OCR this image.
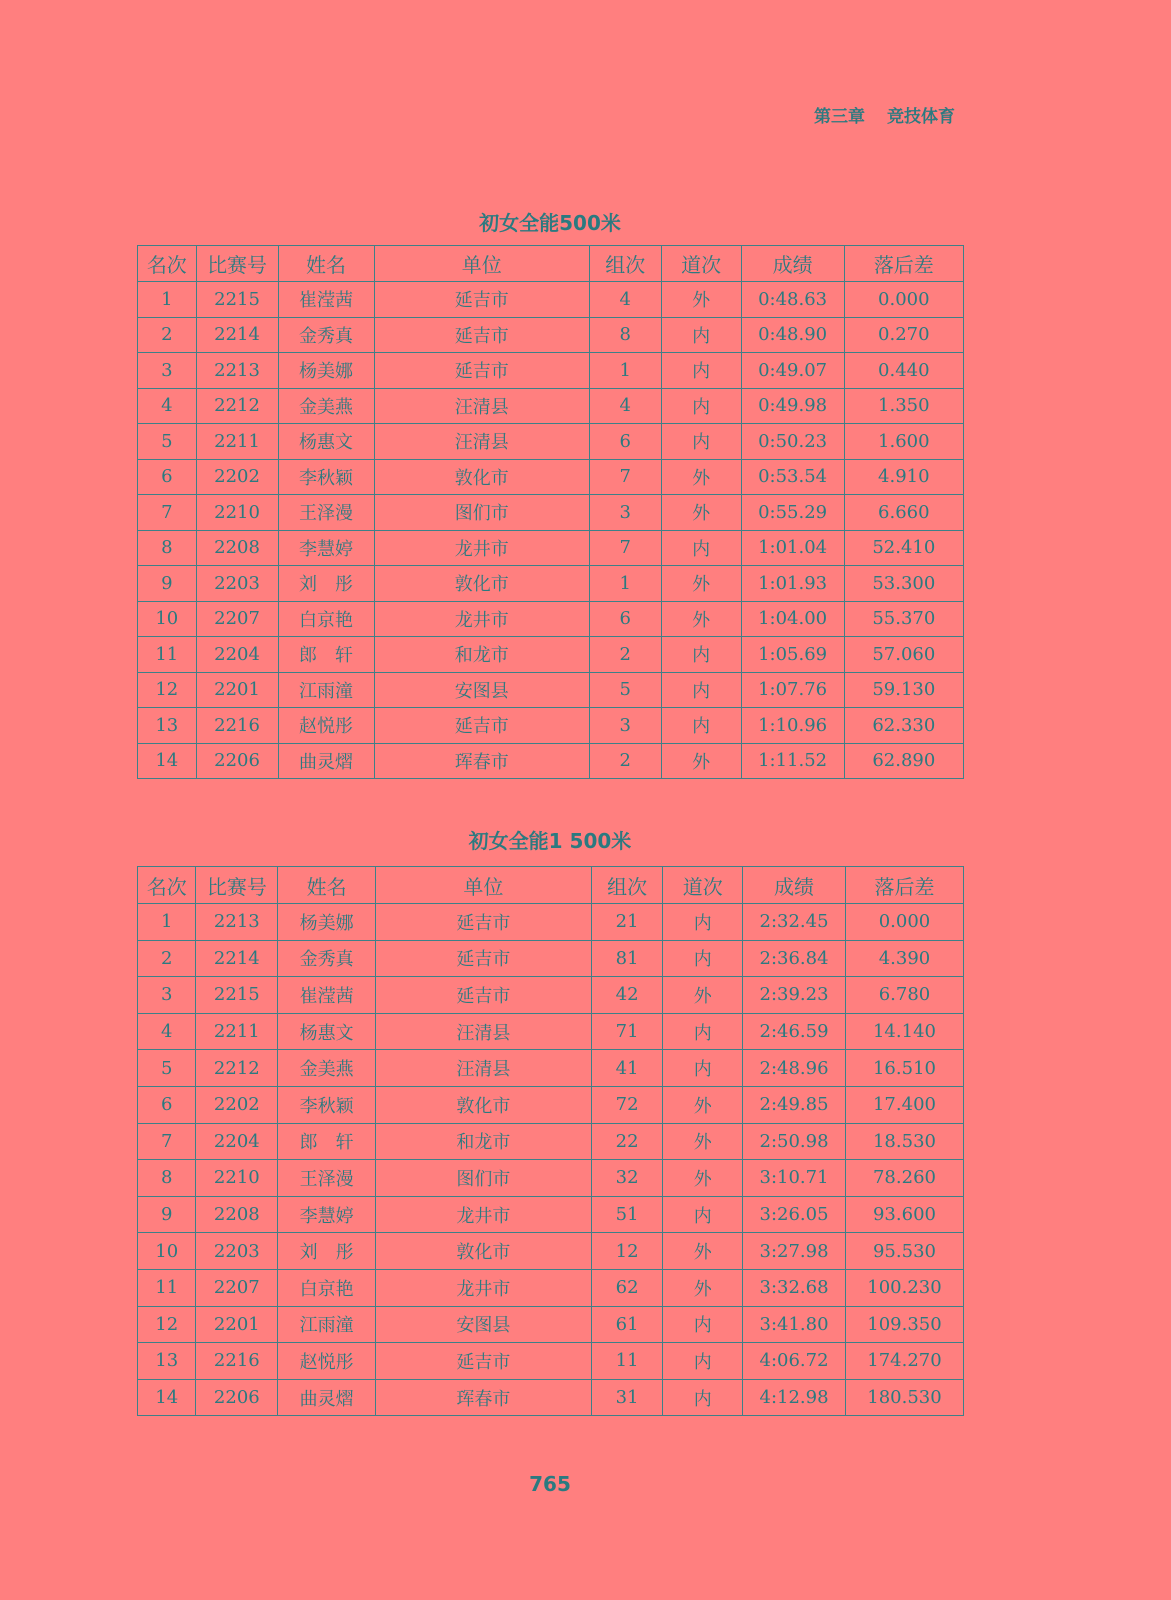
第三章 竞技体育
初女全能500米
名次	比赛号	姓名	单位	组次	道次	成绩	落后差
1	2215	崔滢茜	延吉市	4	外	0:48.63	0.000
2	2214	金秀真	延吉市	8	内	0:48.90	0.270
3	2213	杨美娜	延吉市	1	内	0:49.07	0.440
4	2212	金美燕	汪清县	4	内	0:49.98	1.350
5	2211	杨惠文	汪清县	6	内	0:50.23	1.600
6	2202	李秋颖	敦化市	7	外	0:53.54	4.910
7	2210	王泽漫	图们市	3	外	0:55.29	6.660
8	2208	李慧婷	龙井市	7	内	1:01.04	52.410
9	2203	刘　彤	敦化市	1	外	1:01.93	53.300
10	2207	白京艳	龙井市	6	外	1:04.00	55.370
11	2204	郎　轩	和龙市	2	内	1:05.69	57.060
12	2201	江雨潼	安图县	5	内	1:07.76	59.130
13	2216	赵悦彤	延吉市	3	内	1:10.96	62.330
14	2206	曲灵熠	珲春市	2	外	1:11.52	62.890
初女全能1 500米
名次	比赛号	姓名	单位	组次	道次	成绩	落后差
1	2213	杨美娜	延吉市	21	内	2:32.45	0.000
2	2214	金秀真	延吉市	81	内	2:36.84	4.390
3	2215	崔滢茜	延吉市	42	外	2:39.23	6.780
4	2211	杨惠文	汪清县	71	内	2:46.59	14.140
5	2212	金美燕	汪清县	41	内	2:48.96	16.510
6	2202	李秋颖	敦化市	72	外	2:49.85	17.400
7	2204	郎　轩	和龙市	22	外	2:50.98	18.530
8	2210	王泽漫	图们市	32	外	3:10.71	78.260
9	2208	李慧婷	龙井市	51	内	3:26.05	93.600
10	2203	刘　彤	敦化市	12	外	3:27.98	95.530
11	2207	白京艳	龙井市	62	外	3:32.68	100.230
12	2201	江雨潼	安图县	61	内	3:41.80	109.350
13	2216	赵悦彤	延吉市	11	内	4:06.72	174.270
14	2206	曲灵熠	珲春市	31	内	4:12.98	180.530
765
